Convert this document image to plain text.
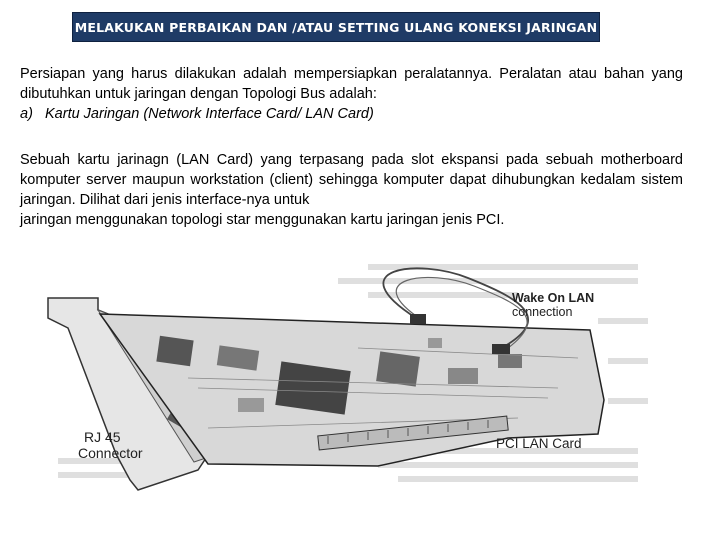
MELAKUKAN PERBAIKAN DAN /ATAU SETTING ULANG KONEKSI JARINGAN
Persiapan yang harus dilakukan adalah mempersiapkan peralatannya. Peralatan atau bahan yang dibutuhkan untuk jaringan dengan Topologi Bus adalah:
a) Kartu Jaringan (Network Interface Card/ LAN Card)
Sebuah kartu jarinagn (LAN Card) yang terpasang pada slot ekspansi pada sebuah motherboard komputer server maupun workstation (client) sehingga komputer dapat dihubungkan kedalam sistem jaringan. Dilihat dari jenis interface-nya untuk
jaringan menggunakan topologi star menggunakan kartu jaringan jenis PCI.
Wake On LAN
connection
RJ 45
Connector
PCI LAN Card
